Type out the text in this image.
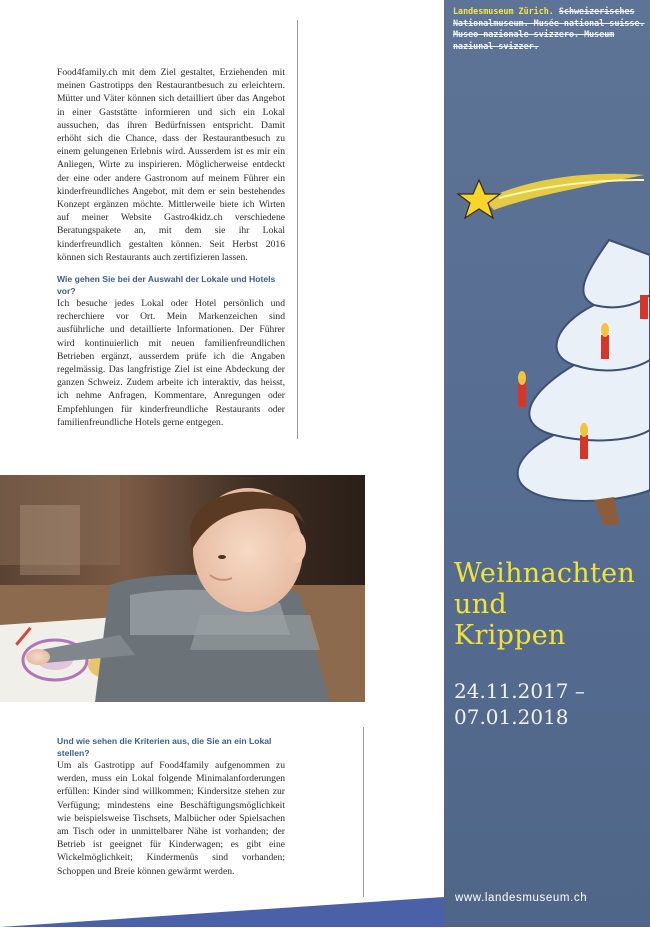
Food4family.ch mit dem Ziel gestaltet, Erziehenden mit meinen Gastrotipps den Restaurantbesuch zu erleichtern. Mütter und Väter können sich detailliert über das Angebot in einer Gaststätte informieren und sich ein Lokal aussuchen, das ihren Bedürfnissen entspricht. Damit erhöht sich die Chance, dass der Restaurantbesuch zu einem gelungenen Erlebnis wird. Ausserdem ist es mir ein Anliegen, Wirte zu inspirieren. Möglicherweise entdeckt der eine oder andere Gastronom auf meinem Führer ein kinderfreundliches Angebot, mit dem er sein bestehendes Konzept ergänzen möchte. Mittlerweile biete ich Wirten auf meiner Website Gastro4kidz.ch verschiedene Beratungspakete an, mit dem sie ihr Lokal kinderfreundlich gestalten können. Seit Herbst 2016 können sich Restaurants auch zertifizieren lassen.

Wie gehen Sie bei der Auswahl der Lokale und Hotels vor?

Ich besuche jedes Lokal oder Hotel persönlich und recherchiere vor Ort. Mein Markenzeichen sind ausführliche und detaillierte Informationen. Der Führer wird kontinuierlich mit neuen familienfreundlichen Betrieben ergänzt, ausserdem prüfe ich die Angaben regelmässig. Das langfristige Ziel ist eine Abdeckung der ganzen Schweiz. Zudem arbeite ich interaktiv, das heisst, ich nehme Anfragen, Kommentare, Anregungen oder Empfehlungen für kinderfreundliche Restaurants oder familienfreundliche Hotels gerne entgegen.

Und wie sehen die Kriterien aus, die Sie an ein Lokal stellen?

Um als Gastrotipp auf Food4family aufgenommen zu werden, muss ein Lokal folgende Minimalanforderungen erfüllen: Kinder sind willkommen; Kindersitze stehen zur Verfügung; mindestens eine Beschäftigungsmöglichkeit wie beispielsweise Tischsets, Malbücher oder Spielsachen am Tisch oder in unmittelbarer Nähe ist vorhanden; der Betrieb ist geeignet für Kinderwagen; es gibt eine Wickelmöglichkeit; Kindermenüs sind vorhanden; Schoppen und Breie können gewärmt werden.

Landesmuseum Zürich. Schweizerisches Nationalmuseum. Musée national suisse. Museo nazionale svizzero. Museum naziunal svizzer.
Weihnachten
und
Krippen
24.11.2017 –
07.01.2018
www.landesmuseum.ch
